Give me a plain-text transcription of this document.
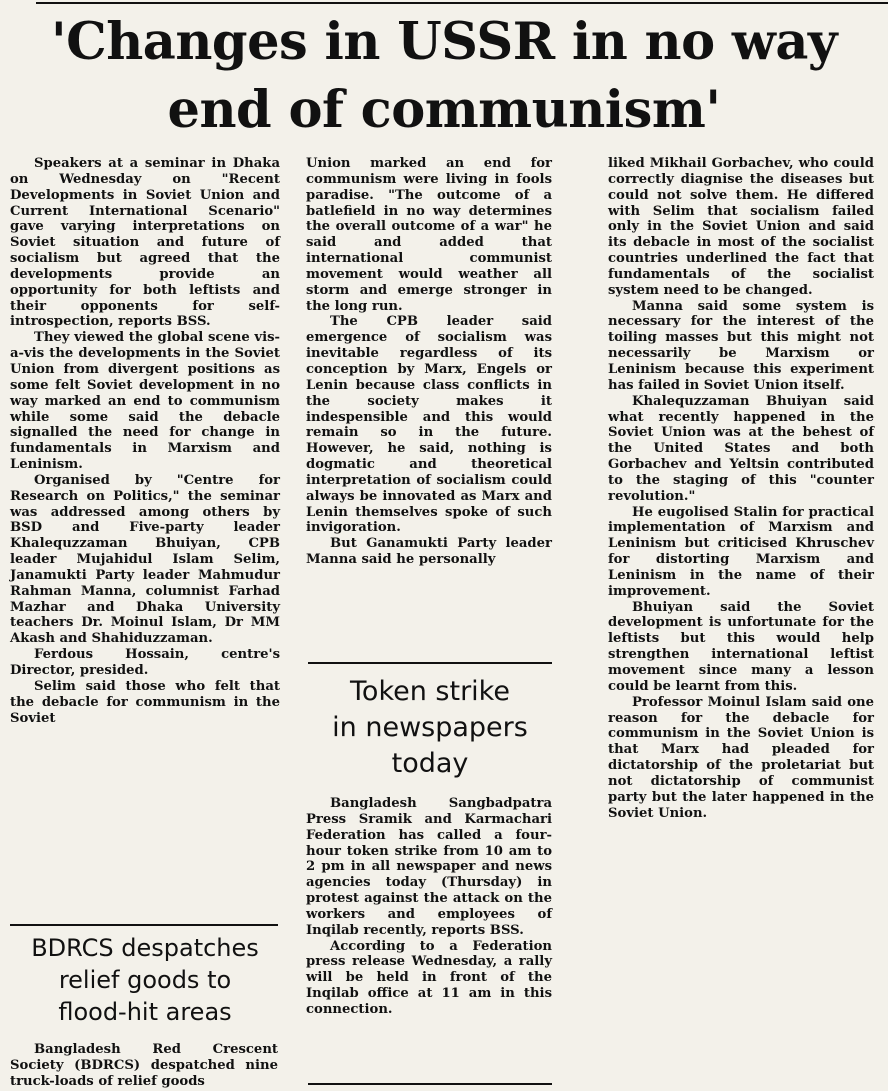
'Changes in USSR in no way
end of communism'

Speakers at a seminar in Dhaka on Wednesday on "Recent Developments in Soviet Union and Current International Scenario" gave varying interpretations on Soviet situation and future of socialism but agreed that the developments provide an opportunity for both leftists and their opponents for self-introspection, reports BSS.

They viewed the global scene vis-a-vis the developments in the Soviet Union from divergent positions as some felt Soviet development in no way marked an end to communism while some said the debacle signalled the need for change in fundamentals in Marxism and Leninism.

Organised by "Centre for Research on Politics," the seminar was addressed among others by BSD and Five-party leader Khalequzzaman Bhuiyan, CPB leader Mujahidul Islam Selim, Janamukti Party leader Mahmudur Rahman Manna, columnist Farhad Mazhar and Dhaka University teachers Dr. Moinul Islam, Dr MM Akash and Shahiduzzaman.

Ferdous Hossain, centre's Director, presided.

Selim said those who felt that the debacle for communism in the Soviet

BDRCS despatches
relief goods to
flood-hit areas

Bangladesh Red Crescent Society (BDRCS) despatched nine truck-loads of relief goods

Union marked an end for communism were living in fools paradise. "The outcome of a batlefield in no way determines the overall outcome of a war" he said and added that international communist movement would weather all storm and emerge stronger in the long run.

The CPB leader said emergence of socialism was inevitable regardless of its conception by Marx, Engels or Lenin because class conflicts in the society makes it indespensible and this would remain so in the future. However, he said, nothing is dogmatic and theoretical interpretation of socialism could always be innovated as Marx and Lenin themselves spoke of such invigoration.

But Ganamukti Party leader Manna said he personally

Token strike
in newspapers
today

Bangladesh Sangbadpatra Press Sramik and Karmachari Federation has called a four-hour token strike from 10 am to 2 pm in all newspaper and news agencies today (Thursday) in protest against the attack on the workers and employees of Inqilab recently, reports BSS.

According to a Federation press release Wednesday, a rally will be held in front of the Inqilab office at 11 am in this connection.

liked Mikhail Gorbachev, who could correctly diagnise the diseases but could not solve them. He differed with Selim that socialism failed only in the Soviet Union and said its debacle in most of the socialist countries underlined the fact that fundamentals of the socialist system need to be changed.

Manna said some system is necessary for the interest of the toiling masses but this might not necessarily be Marxism or Leninism because this experiment has failed in Soviet Union itself.

Khalequzzaman Bhuiyan said what recently happened in the Soviet Union was at the behest of the United States and both Gorbachev and Yeltsin contributed to the staging of this "counter revolution."

He eugolised Stalin for practical implementation of Marxism and Leninism but criticised Khruschev for distorting Marxism and Leninism in the name of their improvement.

Bhuiyan said the Soviet development is unfortunate for the leftists but this would help strengthen international leftist movement since many a lesson could be learnt from this.

Professor Moinul Islam said one reason for the debacle for communism in the Soviet Union is that Marx had pleaded for dictatorship of the proletariat but not dictatorship of communist party but the later happened in the Soviet Union.
